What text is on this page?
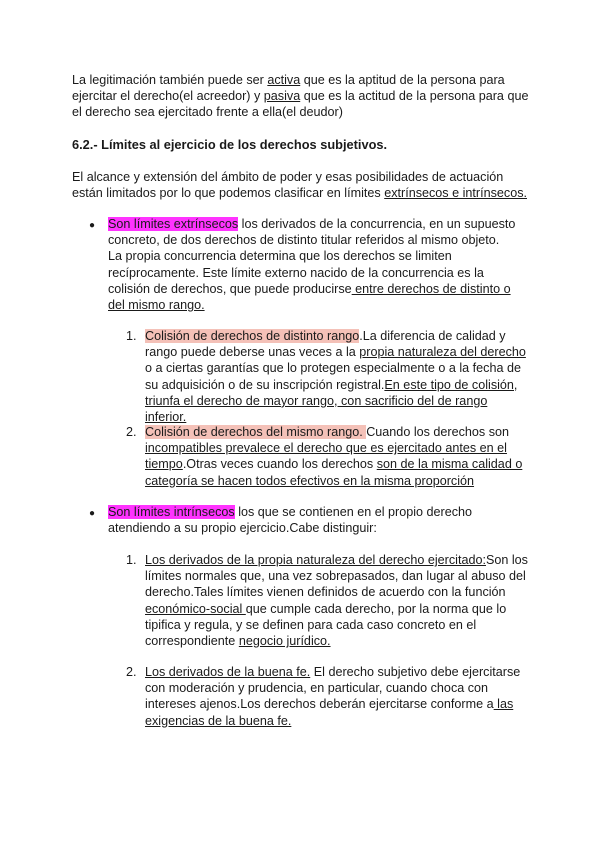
La legitimación también puede ser activa que es la aptitud de la persona para ejercitar el derecho(el acreedor) y pasiva que es la actitud de la persona para que el derecho sea ejercitado frente a ella(el deudor)
6.2.- Límites al ejercicio de los derechos subjetivos.
El alcance y extensión del ámbito de poder y esas posibilidades de actuación están limitados por lo que podemos clasificar en límites extrínsecos e intrínsecos.
● Son límites extrínsecos los derivados de la concurrencia, en un supuesto concreto, de dos derechos de distinto titular referidos al mismo objeto.
La propia concurrencia determina que los derechos se limiten recíprocamente. Este límite externo nacido de la concurrencia es la colisión de derechos, que puede producirse entre derechos de distinto o del mismo rango.
1. Colisión de derechos de distinto rango.La diferencia de calidad y rango puede deberse unas veces a la propia naturaleza del derecho o a ciertas garantías que lo protegen especialmente o a la fecha de su adquisición o de su inscripción registral.En este tipo de colisión, triunfa el derecho de mayor rango, con sacrificio del de rango inferior.
2. Colisión de derechos del mismo rango. Cuando los derechos son incompatibles prevalece el derecho que es ejercitado antes en el tiempo.Otras veces cuando los derechos son de la misma calidad o categoría se hacen todos efectivos en la misma proporción
● Son límites intrínsecos los que se contienen en el propio derecho atendiendo a su propio ejercicio.Cabe distinguir:
1. Los derivados de la propia naturaleza del derecho ejercitado:Son los límites normales que, una vez sobrepasados, dan lugar al abuso del derecho.Tales límites vienen definidos de acuerdo con la función económico-social que cumple cada derecho, por la norma que lo tipifica y regula, y se definen para cada caso concreto en el correspondiente negocio jurídico.
2. Los derivados de la buena fe. El derecho subjetivo debe ejercitarse con moderación y prudencia, en particular, cuando choca con intereses ajenos.Los derechos deberán ejercitarse conforme a las exigencias de la buena fe.
